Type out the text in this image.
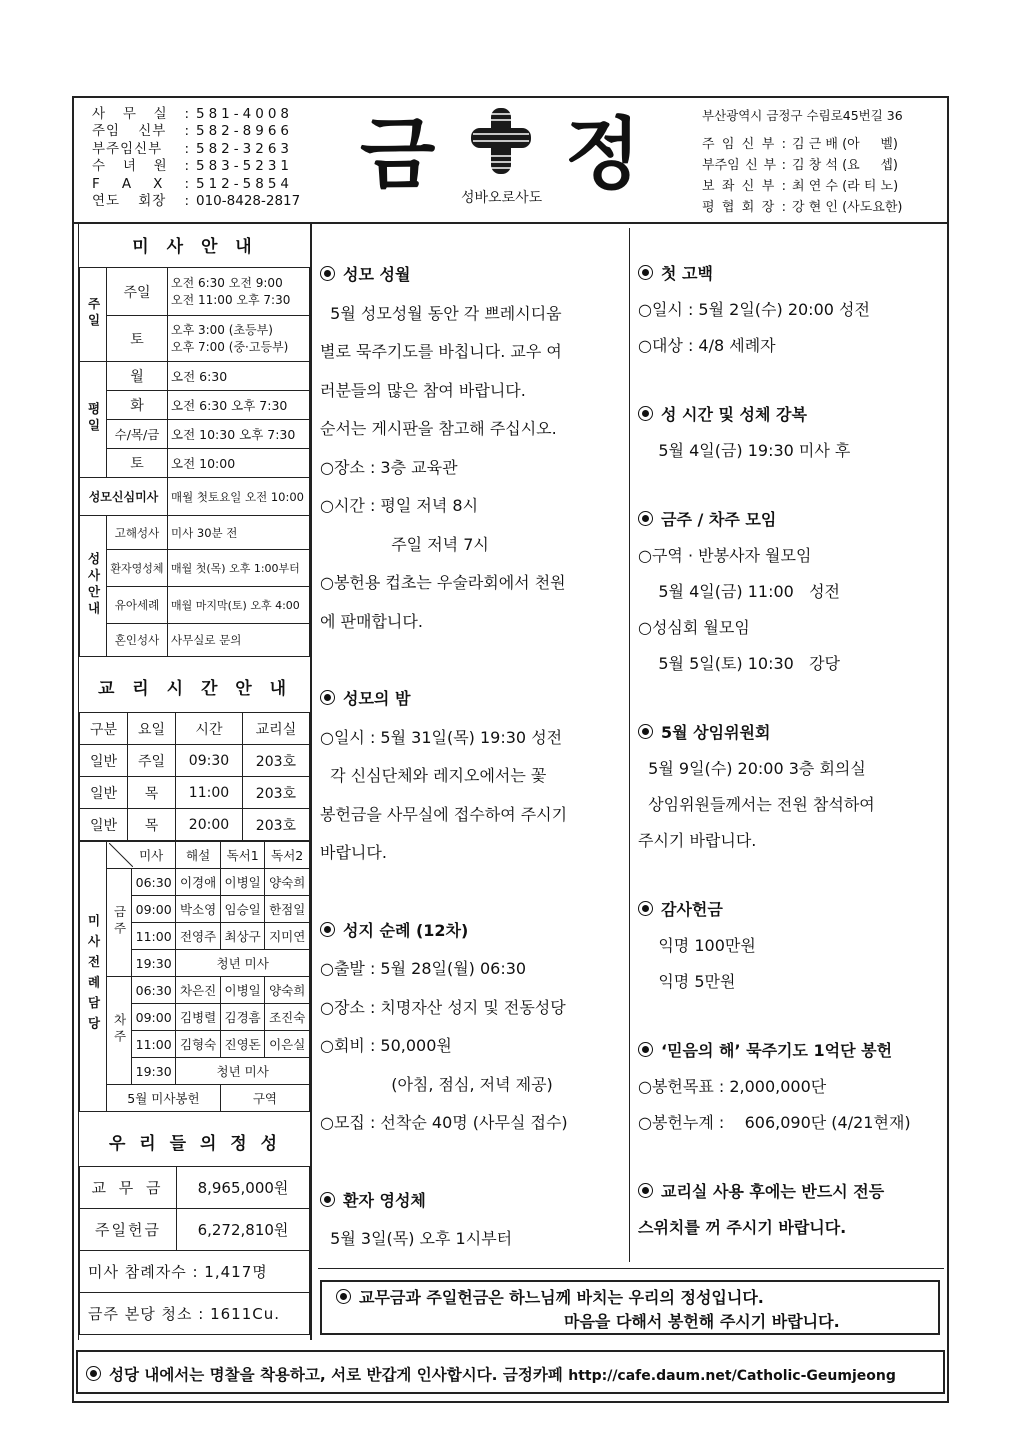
사 무 실 : 581-4008
주임 신부 : 582-8966
부주임신부 : 582-3263
수 녀 원 : 583-5231
F A X : 512-5854
연도 회장 : 010-8428-2817
금 정
성바오로사도
부산광역시 금정구 수림로45번길 36
주 임 신 부 : 김 근 배 (아     벨)
부주임 신 부 : 김 창 석 (요     셉)
보 좌 신 부 : 최 연 수 (라 티 노)
평 협 회 장 : 강 현 인 (사도요한)
미 사 안 내
주일	주일	오전 6:30 오전 9:00
오전 11:00 오후 7:30

	토	오후 3:00 (초등부)
오후 7:00 (중·고등부)

평일	월	오전 6:30
	화	오전 6:30 오후 7:30
	수/목/금	오전 10:30 오후 7:30
	토	오전 10:00
성모신심미사		매월 첫토요일 오전 10:00
성사안내	고해성사	미사 30분 전
	환자영성체	매월 첫(목) 오후 1:00부터
	유아세례	매월 마지막(토) 오후 4:00
	혼인성사	사무실로 문의
교 리 시 간 안 내
구분	요일	시간	교리실
일반	주일	09:30	203호
일반	목	11:00	203호
일반	목	20:00	203호
미사전례담당	미사		해설	독서1	독서2
	금주	06:30	이경애	이병일	양숙희
		09:00	박소영	임승일	한점일
		11:00	전영주	최상구	지미연
		19:30	청년 미사		
	차주	06:30	차은진	이병일	양숙희
		09:00	김병렬	김경흠	조진숙
		11:00	김형숙	진영돈	이은실
		19:30	청년 미사		
	5월 미사봉헌			구역	
우 리 들 의 정 성
교 무 금	8,965,000원
주일헌금	6,272,810원
미사 참례자수 : 1,417명	
금주 본당 청소 : 1611Cu.	

성모 성월

5월 성모성월 동안 각 쁘레시디움

별로 묵주기도를 바칩니다. 교우 여

러분들의 많은 참여 바랍니다.

순서는 게시판을 참고해 주십시오.

○장소 : 3층 교육관

○시간 : 평일 저녁 8시

주일 저녁 7시

○봉헌용 컵초는 우술라회에서 천원

에 판매합니다.

성모의 밤

○일시 : 5월 31일(목) 19:30 성전

각 신심단체와 레지오에서는 꽃

봉헌금을 사무실에 접수하여 주시기

바랍니다.

성지 순례 (12차)

○출발 : 5월 28일(월) 06:30

○장소 : 치명자산 성지 및 전동성당

○회비 : 50,000원

(아침, 점심, 저녁 제공)

○모집 : 선착순 40명 (사무실 접수)

환자 영성체

5월 3일(목) 오후 1시부터

첫 고백

○일시 : 5월 2일(수) 20:00 성전

○대상 : 4/8 세례자

성 시간 및 성체 강복

5월 4일(금) 19:30 미사 후

금주 / 차주 모임

○구역 · 반봉사자 월모임

5월 4일(금) 11:00   성전

○성심회 월모임

5월 5일(토) 10:30   강당

5월 상임위원회

5월 9일(수) 20:00 3층 회의실

상임위원들께서는 전원 참석하여

주시기 바랍니다.

감사헌금

익명 100만원

익명 5만원

‘믿음의 해’ 묵주기도 1억단 봉헌

○봉헌목표 : 2,000,000단

○봉헌누계 :    606,090단 (4/21현재)

교리실 사용 후에는 반드시 전등

스위치를 꺼 주시기 바랍니다.

교무금과 주일헌금은 하느님께 바치는 우리의 정성입니다.
마음을 다해서 봉헌해 주시기 바랍니다.
성당 내에서는 명찰을 착용하고, 서로 반갑게 인사합시다. 금정카페 http://cafe.daum.net/Catholic-Geumjeong
